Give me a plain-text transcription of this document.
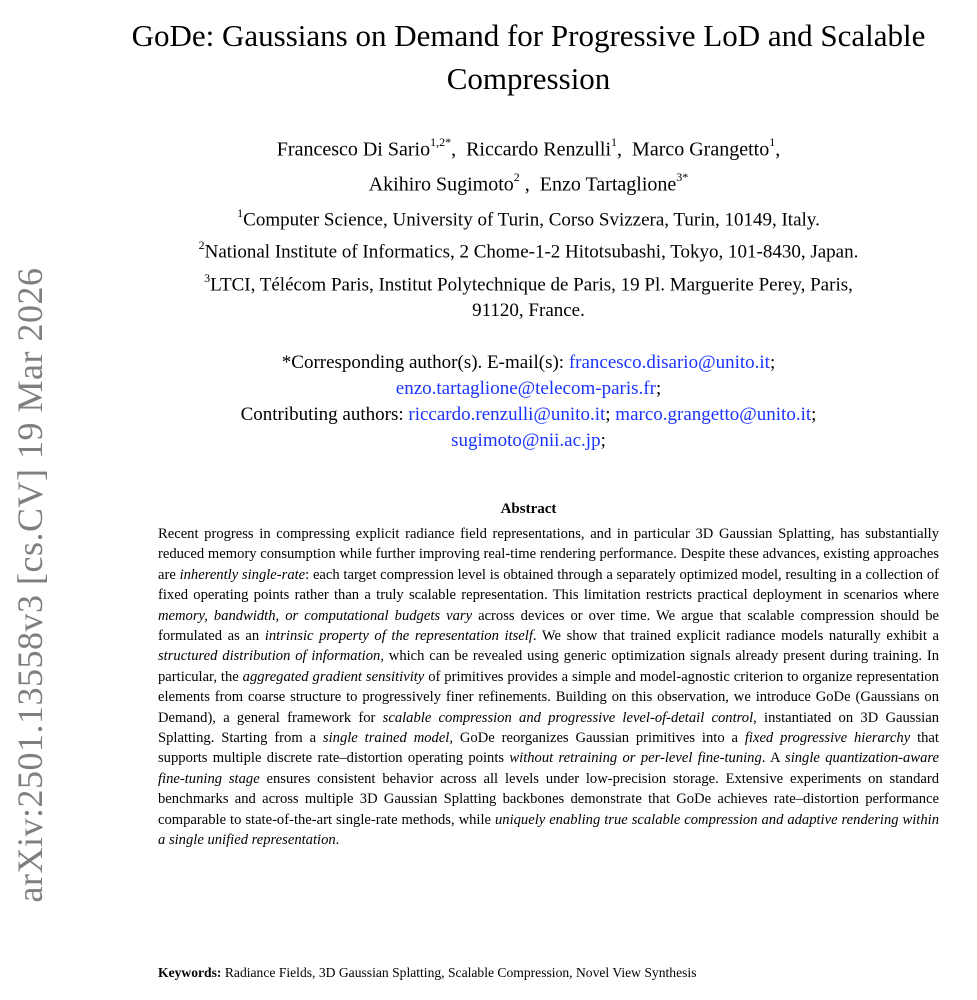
arXiv:2501.13558v3 [cs.CV] 19 Mar 2026
GoDe: Gaussians on Demand for Progressive LoD and Scalable
Compression
Francesco Di Sario$^{1,2*}$, Riccardo Renzulli$^1$, Marco Grangetto$^1$,
Akihiro Sugimoto$^2$ , Enzo Tartaglione$^{3*}$
$^1$Computer Science, University of Turin, Corso Svizzera, Turin, 10149, Italy.
$^2$National Institute of Informatics, 2 Chome-1-2 Hitotsubashi, Tokyo, 101-8430, Japan.
$^3$LTCI, Télécom Paris, Institut Polytechnique de Paris, 19 Pl. Marguerite Perey, Paris,
91120, France.
*Corresponding author(s). E-mail(s): francesco.disario@unito.it;
enzo.tartaglione@telecom-paris.fr;
Contributing authors: riccardo.renzulli@unito.it; marco.grangetto@unito.it;
sugimoto@nii.ac.jp;
Abstract

Recent progress in compressing explicit radiance field representations, and in particular 3D Gaussian Splatting, has substantially reduced memory consumption while further improving real-time rendering performance. Despite these advances, existing approaches are inherently single-rate: each target compression level is obtained through a separately optimized model, resulting in a collection of fixed operating points rather than a truly scalable representation. This limitation restricts practical deployment in scenarios where memory, bandwidth, or computational budgets vary across devices or over time. We argue that scalable compression should be formulated as an intrinsic property of the representation itself. We show that trained explicit radiance models naturally exhibit a structured distribution of information, which can be revealed using generic optimization signals already present during training. In particular, the aggregated gradient sensitivity of primitives provides a simple and model-agnostic criterion to organize representation elements from coarse structure to progressively finer refinements. Building on this observation, we introduce GoDe (Gaussians on Demand), a general framework for scalable compression and progressive level-of-detail control, instantiated on 3D Gaussian Splatting. Starting from a single trained model, GoDe reorganizes Gaussian primitives into a fixed progressive hierarchy that supports multiple discrete rate–distortion operating points without retraining or per-level fine-tuning. A single quantization-aware fine-tuning stage ensures consistent behavior across all levels under low-precision storage. Extensive experiments on standard benchmarks and across multiple 3D Gaussian Splatting backbones demonstrate that GoDe achieves rate–distortion performance comparable to state-of-the-art single-rate methods, while uniquely enabling true scalable compression and adaptive rendering within a single unified representation.

Keywords: Radiance Fields, 3D Gaussian Splatting, Scalable Compression, Novel View Synthesis
